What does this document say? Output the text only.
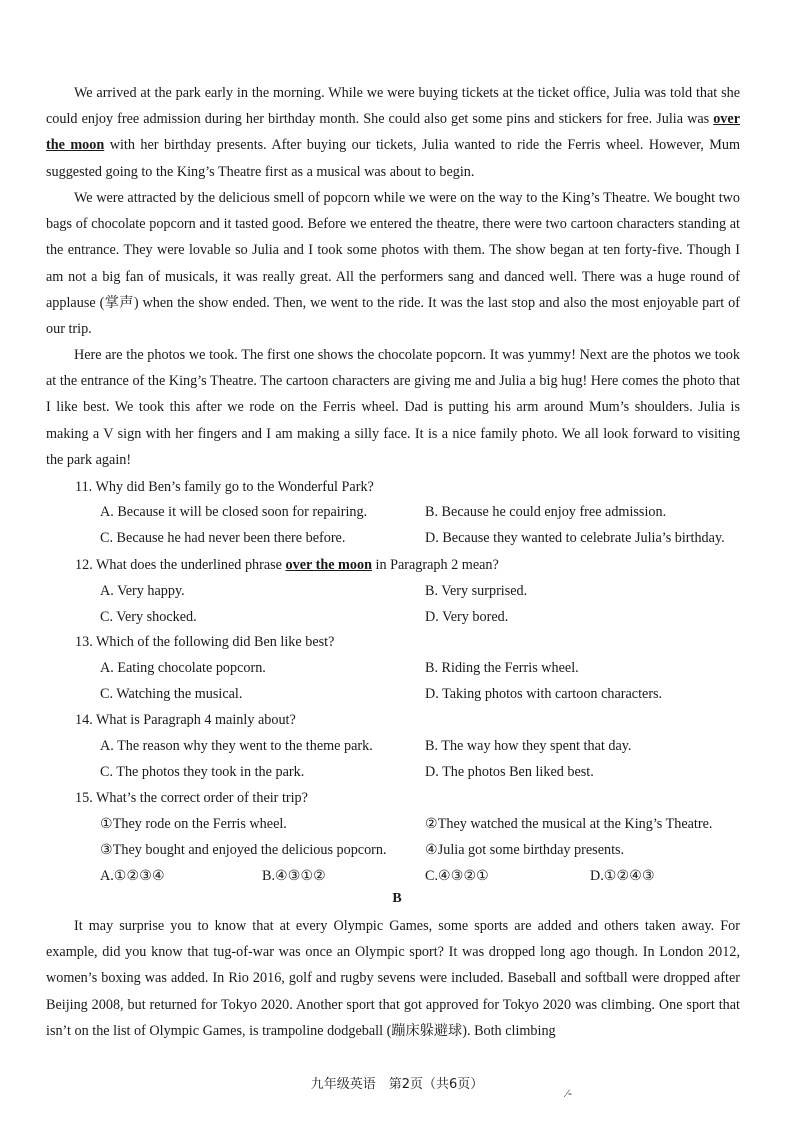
We arrived at the park early in the morning. While we were buying tickets at the ticket office, Julia was told that she could enjoy free admission during her birthday month. She could also get some pins and stickers for free. Julia was over the moon with her birthday presents. After buying our tickets, Julia wanted to ride the Ferris wheel. However, Mum suggested going to the King’s Theatre first as a musical was about to begin.

We were attracted by the delicious smell of popcorn while we were on the way to the King’s Theatre. We bought two bags of chocolate popcorn and it tasted good. Before we entered the theatre, there were two cartoon characters standing at the entrance. They were lovable so Julia and I took some photos with them. The show began at ten forty-five. Though I am not a big fan of musicals, it was really great. All the performers sang and danced well. There was a huge round of applause (掌声) when the show ended. Then, we went to the ride. It was the last stop and also the most enjoyable part of our trip.

Here are the photos we took. The first one shows the chocolate popcorn. It was yummy! Next are the photos we took at the entrance of the King’s Theatre. The cartoon characters are giving me and Julia a big hug! Here comes the photo that I like best. We took this after we rode on the Ferris wheel. Dad is putting his arm around Mum’s shoulders. Julia is making a V sign with her fingers and I am making a silly face. It is a nice family photo. We all look forward to visiting the park again!

11. Why did Ben’s family go to the Wonderful Park?
A. Because it will be closed soon for repairing.	B. Because he could enjoy free admission.
C. Because he had never been there before.	D. Because they wanted to celebrate Julia’s birthday.
12. What does the underlined phrase over the moon in Paragraph 2 mean?
A. Very happy.	B. Very surprised.
C. Very shocked.	D. Very bored.
13. Which of the following did Ben like best?
A. Eating chocolate popcorn.	B. Riding the Ferris wheel.
C. Watching the musical.	D. Taking photos with cartoon characters.
14. What is Paragraph 4 mainly about?
A. The reason why they went to the theme park.	B. The way how they spent that day.
C. The photos they took in the park.	D. The photos Ben liked best.
15. What’s the correct order of their trip?
①They rode on the Ferris wheel.	②They watched the musical at the King’s Theatre.
③They bought and enjoyed the delicious popcorn.	④Julia got some birthday presents.
A.①②③④	B.④③①②	C.④③②①	D.①②④③
B

It may surprise you to know that at every Olympic Games, some sports are added and others taken away. For example, did you know that tug-of-war was once an Olympic sport? It was dropped long ago though. In London 2012, women’s boxing was added. In Rio 2016, golf and rugby sevens were included. Baseball and softball were dropped after Beijing 2008, but returned for Tokyo 2020. Another sport that got approved for Tokyo 2020 was climbing. One sport that isn’t on the list of Olympic Games, is trampoline dodgeball (蹦床躲避球). Both climbing

九年级英语　第2页（共6页）
⁄-
